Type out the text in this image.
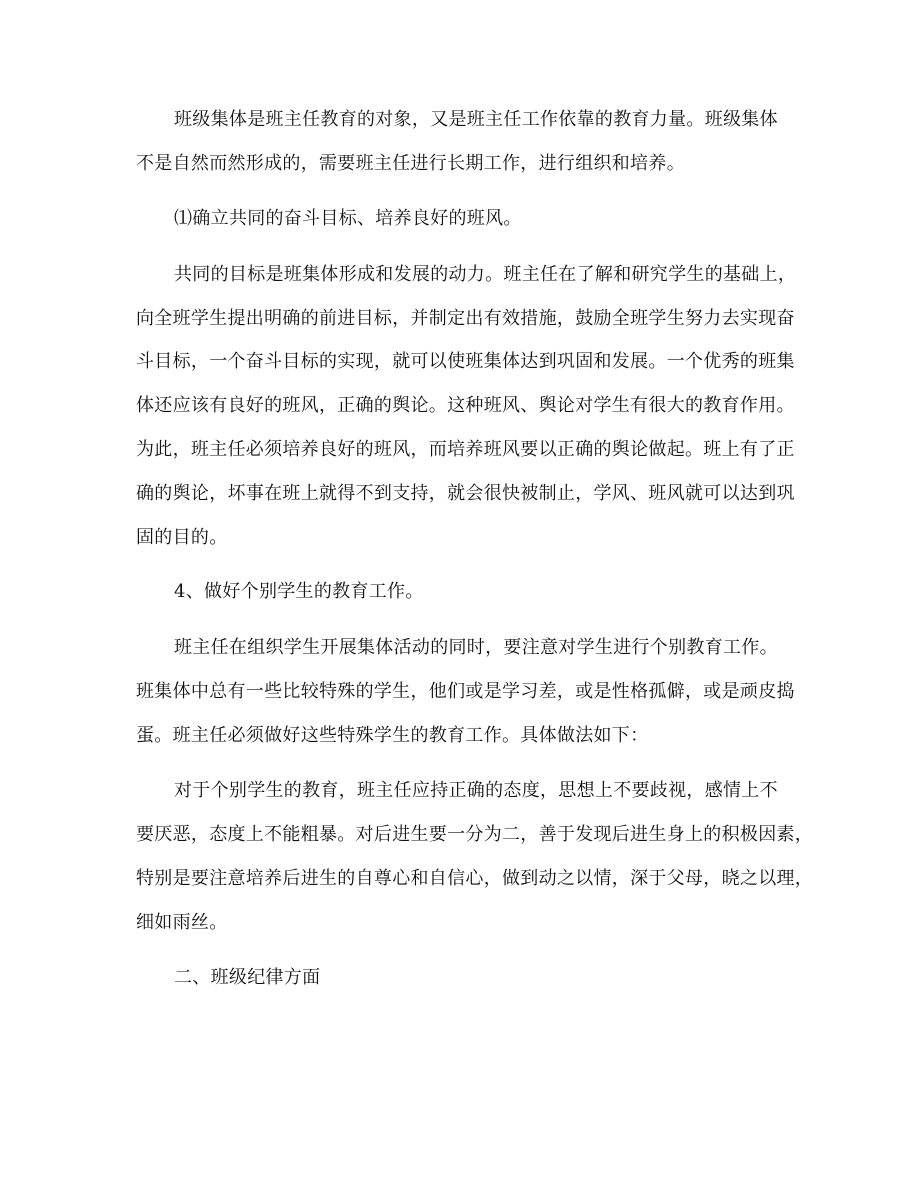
班级集体是班主任教育的对象，又是班主任工作依靠的教育力量。班级集体
不是自然而然形成的，需要班主任进行长期工作，进行组织和培养。
⑴确立共同的奋斗目标、培养良好的班风。
共同的目标是班集体形成和发展的动力。班主任在了解和研究学生的基础上，
向全班学生提出明确的前进目标，并制定出有效措施，鼓励全班学生努力去实现奋
斗目标，一个奋斗目标的实现，就可以使班集体达到巩固和发展。一个优秀的班集
体还应该有良好的班风，正确的舆论。这种班风、舆论对学生有很大的教育作用。
为此，班主任必须培养良好的班风，而培养班风要以正确的舆论做起。班上有了正
确的舆论，坏事在班上就得不到支持，就会很快被制止，学风、班风就可以达到巩
固的目的。
4、做好个别学生的教育工作。
班主任在组织学生开展集体活动的同时，要注意对学生进行个别教育工作。
班集体中总有一些比较特殊的学生，他们或是学习差，或是性格孤僻，或是顽皮捣
蛋。班主任必须做好这些特殊学生的教育工作。具体做法如下：
对于个别学生的教育，班主任应持正确的态度，思想上不要歧视，感情上不
要厌恶，态度上不能粗暴。对后进生要一分为二，善于发现后进生身上的积极因素，
特别是要注意培养后进生的自尊心和自信心，做到动之以情，深于父母，晓之以理，
细如雨丝。
二、班级纪律方面
